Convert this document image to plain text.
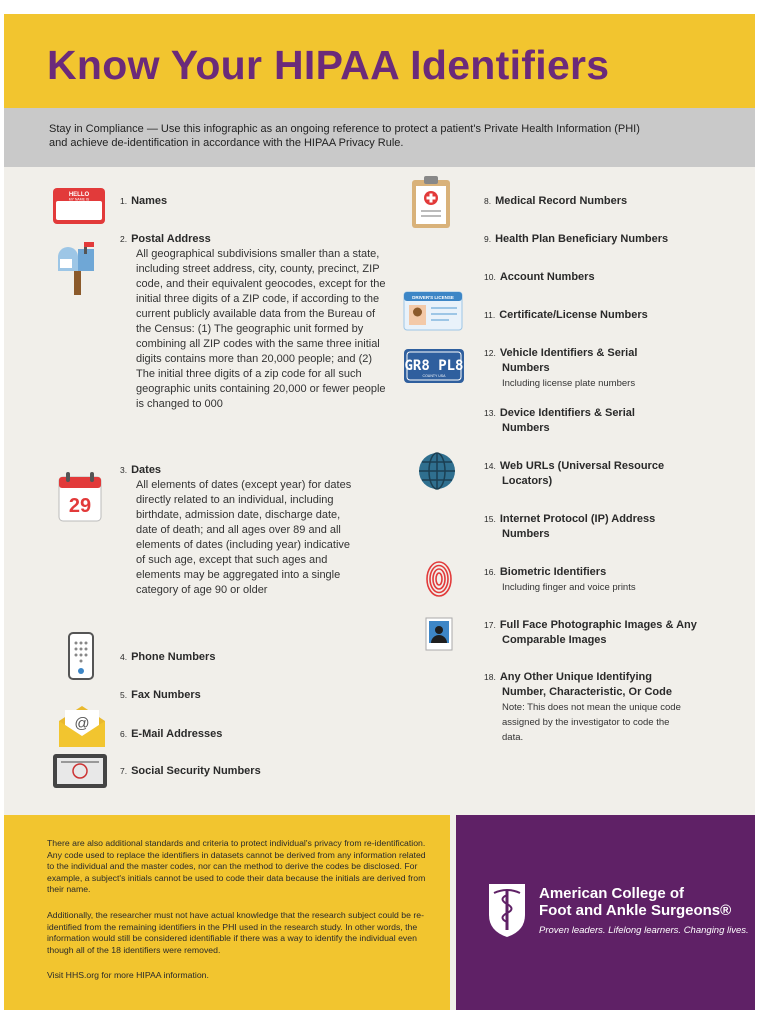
Know Your HIPAA Identifiers

Stay in Compliance — Use this infographic as an ongoing reference to protect a patient's Private Health Information (PHI) and achieve de-identification in accordance with the HIPAA Privacy Rule.

HELLO
MY NAME IS
29
@
DRIVER'S LICENSE
GR8 PL8
COUNTY USA
1. Names
2. Postal Address
All geographical subdivisions smaller than a state, including street address, city, county, precinct, ZIP code, and their equivalent geocodes, except for the initial three digits of a ZIP code, if according to the current publicly available data from the Bureau of the Census: (1) The geographic unit formed by combining all ZIP codes with the same three initial digits contains more than 20,000 people; and (2) The initial three digits of a zip code for all such geographic units containing 20,000 or fewer people is changed to 000
3. Dates
All elements of dates (except year) for dates directly related to an individual, including birthdate, admission date, discharge date, date of death; and all ages over 89 and all elements of dates (including year) indicative of such age, except that such ages and elements may be aggregated into a single category of age 90 or older
4. Phone Numbers
5. Fax Numbers
6. E-Mail Addresses
7. Social Security Numbers
8. Medical Record Numbers
9. Health Plan Beneficiary Numbers
10. Account Numbers
11. Certificate/License Numbers
12. Vehicle Identifiers & Serial Numbers
Including license plate numbers
13. Device Identifiers & Serial Numbers
14. Web URLs (Universal Resource Locators)
15. Internet Protocol (IP) Address Numbers
16. Biometric Identifiers
Including finger and voice prints
17. Full Face Photographic Images & Any Comparable Images
18. Any Other Unique Identifying Number, Characteristic, Or Code
Note: This does not mean the unique code assigned by the investigator to code the data.

There are also additional standards and criteria to protect individual's privacy from re-identification. Any code used to replace the identifiers in datasets cannot be derived from any information related to the individual and the master codes, nor can the method to derive the codes be disclosed. For example, a subject's initials cannot be used to code their data because the initials are derived from their name.

Additionally, the researcher must not have actual knowledge that the research subject could be re-identified from the remaining identifiers in the PHI used in the research study. In other words, the information would still be considered identifiable if there was a way to identify the individual even though all of the 18 identifiers were removed.

Visit HHS.org for more HIPAA information.

American College of
Foot and Ankle Surgeons®
Proven leaders. Lifelong learners. Changing lives.
